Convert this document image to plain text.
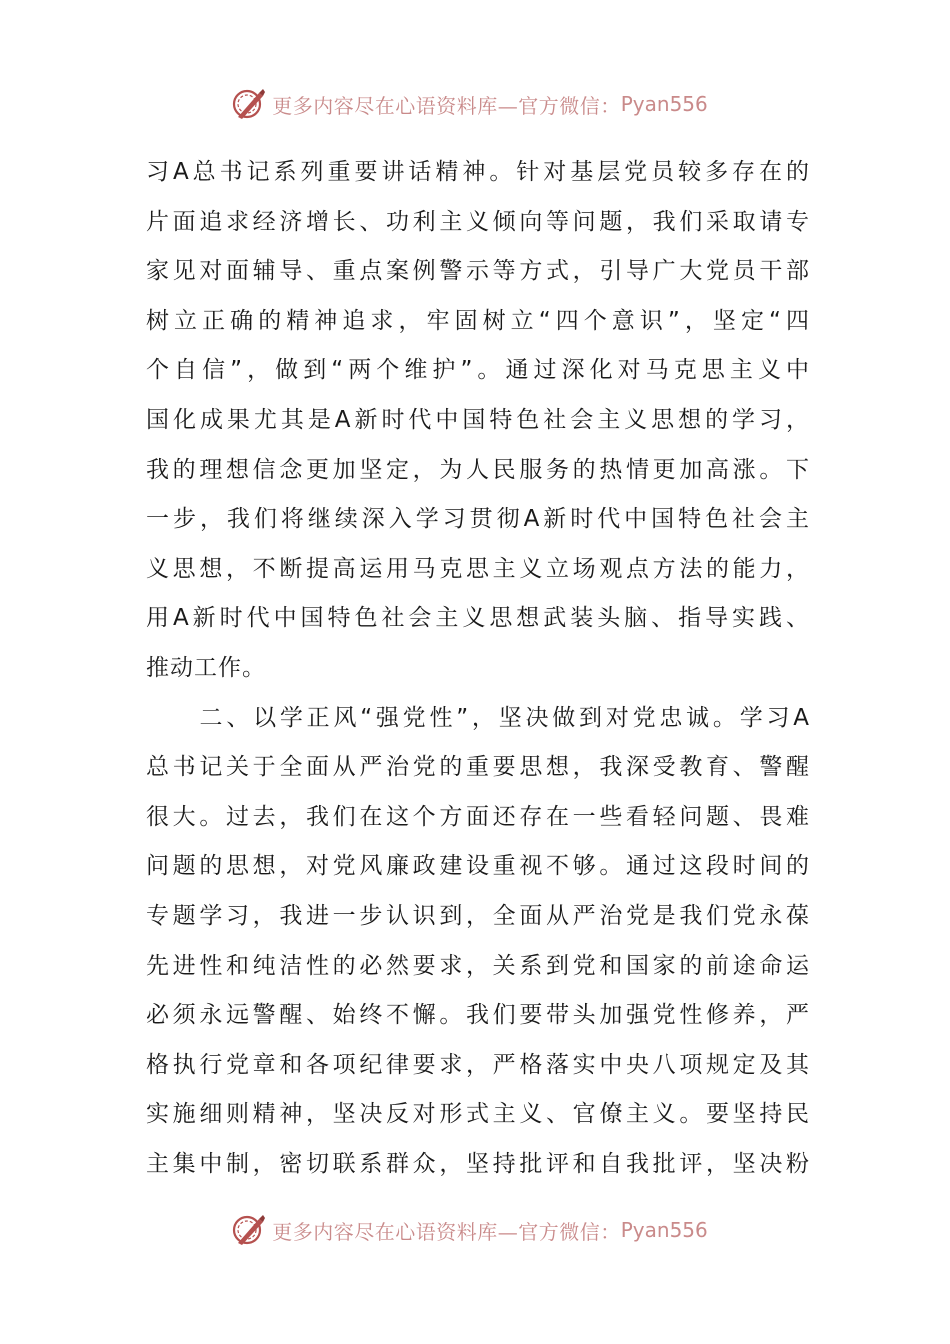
更多内容尽在心语资料库—官方微信： Pyan556
习A总书记系列重要讲话精神。针对基层党员较多存在的
片面追求经济增长、功利主义倾向等问题，我们采取请专
家见对面辅导、重点案例警示等方式，引导广大党员干部
树立正确的精神追求，牢固树立“四个意识”，坚定“四
个自信”，做到“两个维护”。通过深化对马克思主义中
国化成果尤其是A新时代中国特色社会主义思想的学习，
我的理想信念更加坚定，为人民服务的热情更加高涨。下
一步，我们将继续深入学习贯彻A新时代中国特色社会主
义思想，不断提高运用马克思主义立场观点方法的能力，
用A新时代中国特色社会主义思想武装头脑、指导实践、
推动工作。
　　二、以学正风“强党性”，坚决做到对党忠诚。学习A
总书记关于全面从严治党的重要思想，我深受教育、警醒
很大。过去，我们在这个方面还存在一些看轻问题、畏难
问题的思想，对党风廉政建设重视不够。通过这段时间的
专题学习，我进一步认识到，全面从严治党是我们党永葆
先进性和纯洁性的必然要求，关系到党和国家的前途命运
必须永远警醒、始终不懈。我们要带头加强党性修养，严
格执行党章和各项纪律要求，严格落实中央八项规定及其
实施细则精神，坚决反对形式主义、官僚主义。要坚持民
主集中制，密切联系群众，坚持批评和自我批评，坚决粉
更多内容尽在心语资料库—官方微信： Pyan556
